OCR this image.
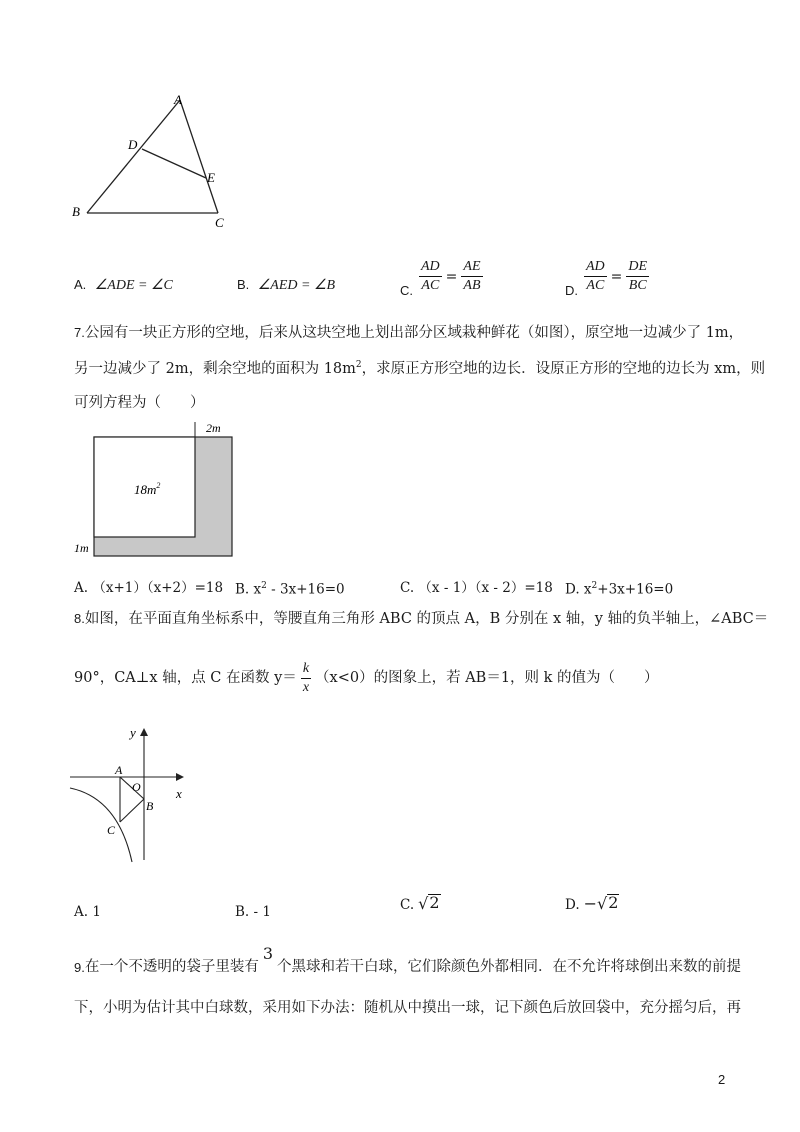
A
D
E
B
C
A. ∠ADE = ∠C	B. ∠AED = ∠B	C. $\frac{AD}{AC} = \frac{AE}{AB}$	D. $\frac{AD}{AC} = \frac{DE}{BC}$
7.公园有一块正方形的空地，后来从这块空地上划出部分区域栽种鲜花（如图），原空地一边减少了 1m，
另一边减少了 2m，剩余空地的面积为 $18m^2$，求原正方形空地的边长．设原正方形的空地的边长为 xm，则
可列方程为（　　）
2m
$18m^2$
1m
A. （x+1）（x+2）=18 B. $x^2 - 3x+16=0$	C. （x - 1）（x - 2）=18 D. $x^2+3x+16=0$
8.如图，在平面直角坐标系中，等腰直角三角形 ABC 的顶点 A，B 分别在 x 轴，y 轴的负半轴上，∠ABC＝
90°，CA⊥x 轴，点 C 在函数 $y= \frac{k}{x} (x<0)$的图象上，若 AB＝1，则 k 的值为（　　）
y
x
A
O
B
C
A. 1	B. - 1	C. √ 2	D. − √ 2
9. 在一个不透明的袋子里装有
3
个黑球和若干白球，它们除颜色外都相同．在不允许将球倒出来数的前提
下，小明为估计其中白球数，采用如下办法：随机从中摸出一球，记下颜色后放回袋中，充分摇匀后，再
2
